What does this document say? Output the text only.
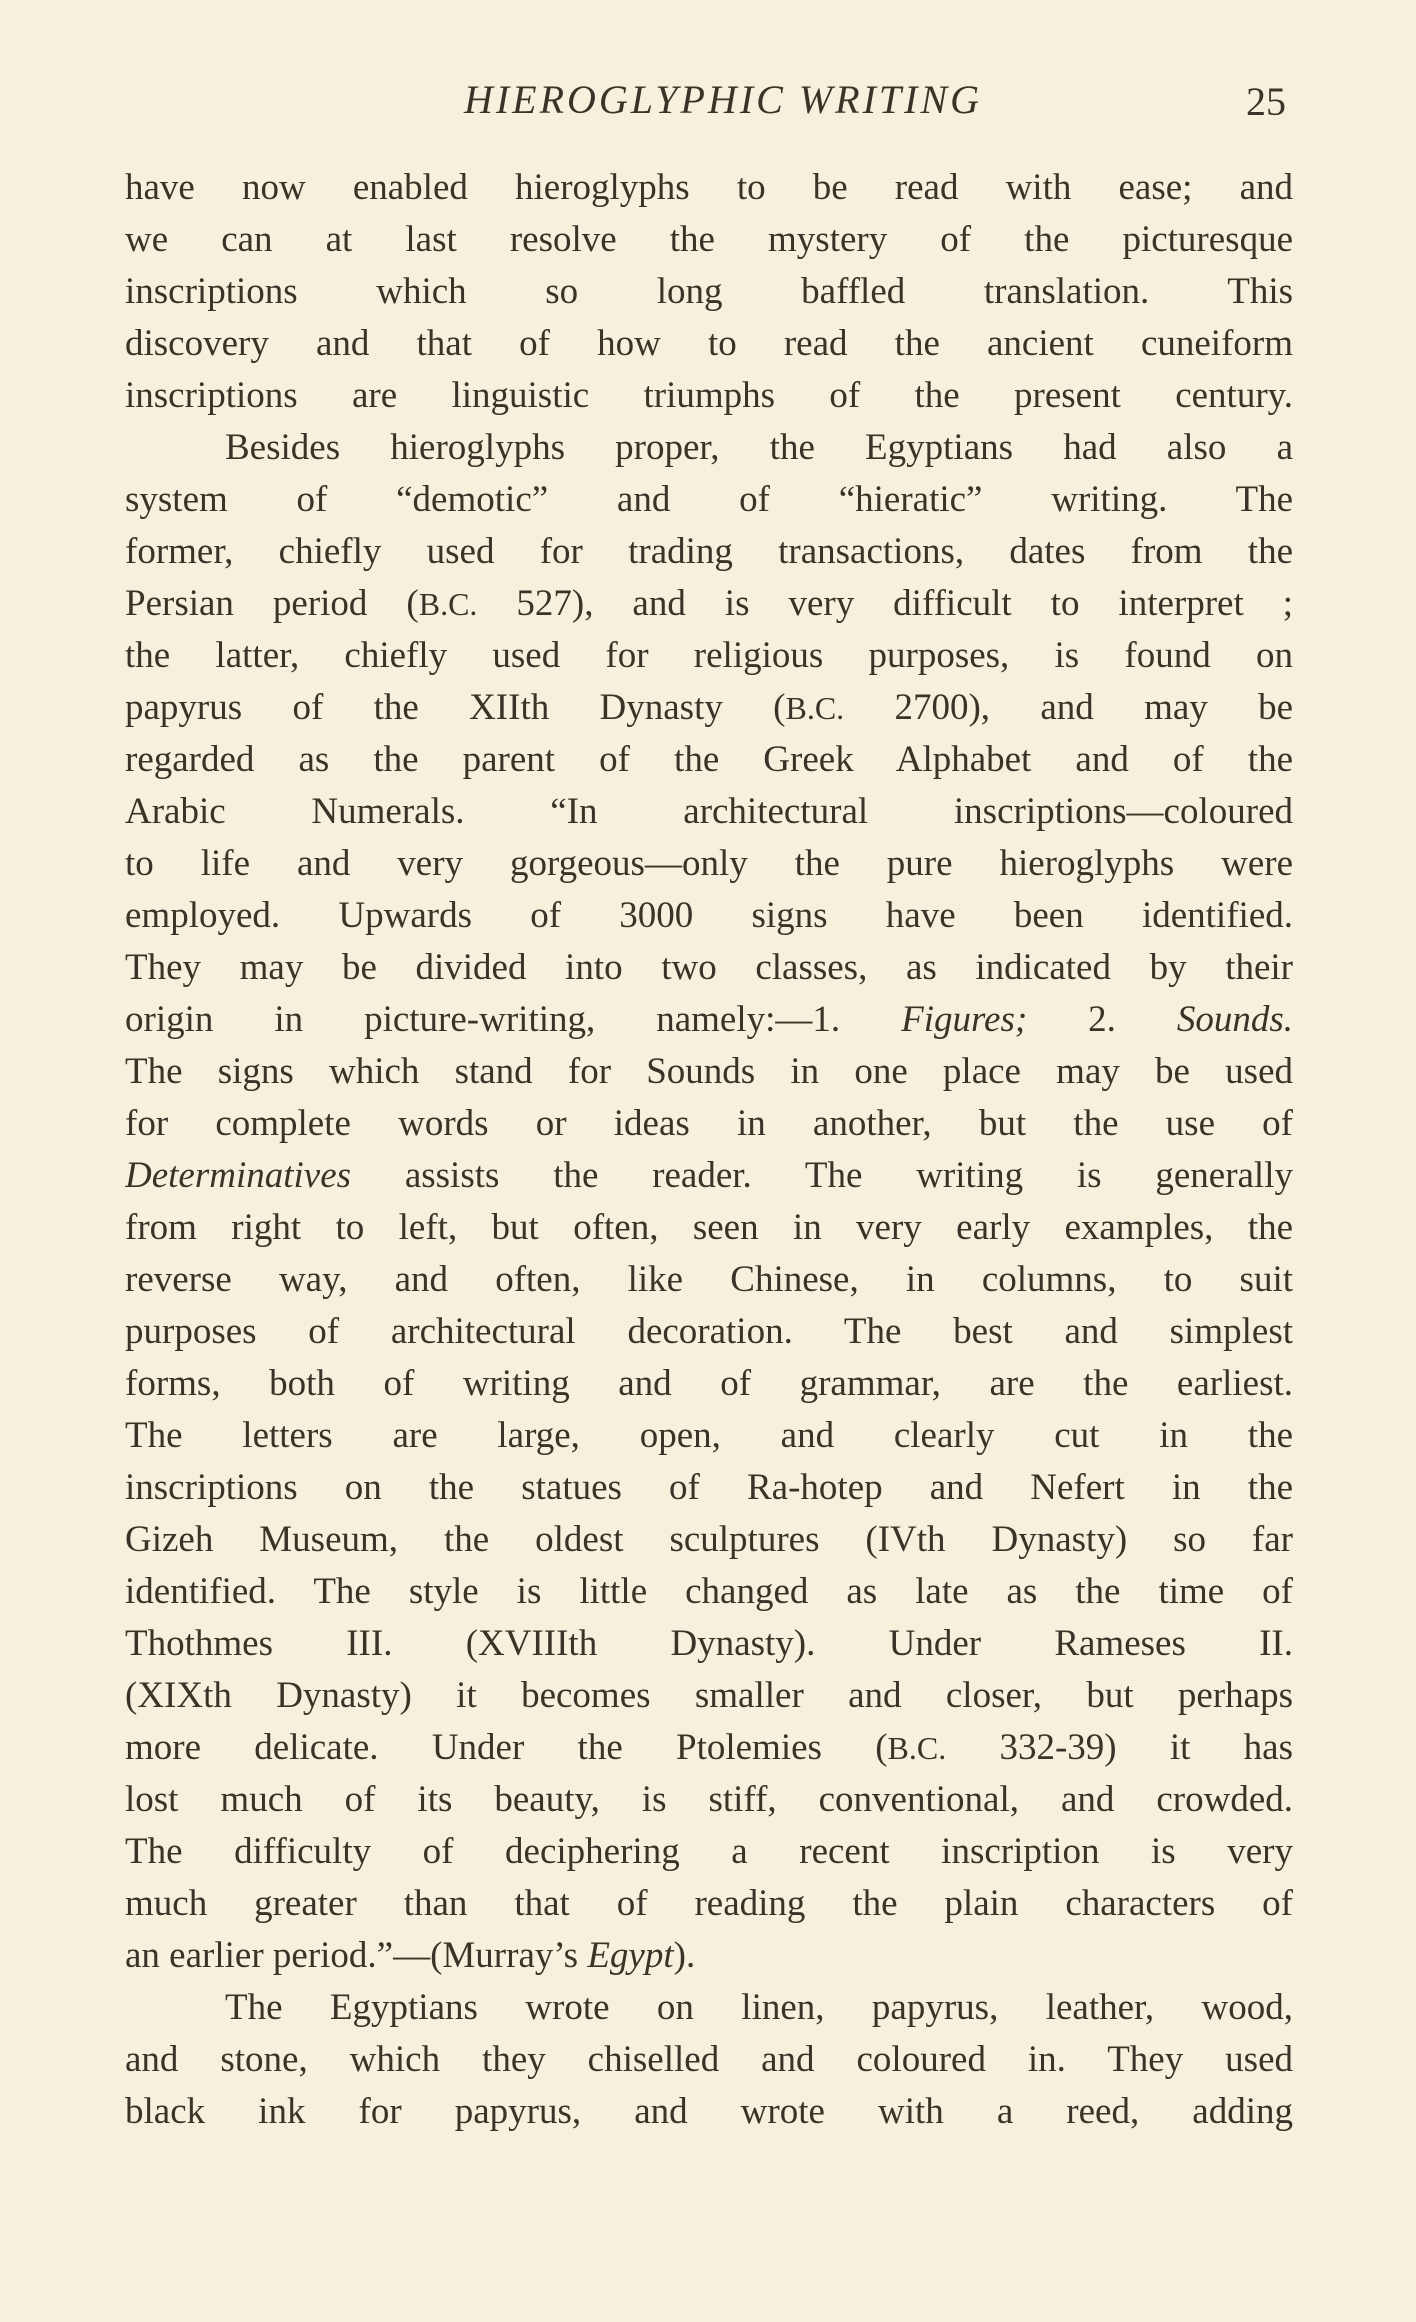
HIEROGLYPHIC WRITING	25
have now enabled hieroglyphs to be read with ease; and
we can at last resolve the mystery of the picturesque
inscriptions which so long baffled translation. This
discovery and that of how to read the ancient cuneiform
inscriptions are linguistic triumphs of the present century.
Besides hieroglyphs proper, the Egyptians had also a
system of “demotic” and of “hieratic” writing. The
former, chiefly used for trading transactions, dates from the
Persian period (B.C. 527), and is very difficult to interpret ;
the latter, chiefly used for religious purposes, is found on
papyrus of the XIIth Dynasty (B.C. 2700), and may be
regarded as the parent of the Greek Alphabet and of the
Arabic Numerals. “In architectural inscriptions—coloured
to life and very gorgeous—only the pure hieroglyphs were
employed. Upwards of 3000 signs have been identified.
They may be divided into two classes, as indicated by their
origin in picture-writing, namely:—1. Figures; 2. Sounds.
The signs which stand for Sounds in one place may be used
for complete words or ideas in another, but the use of
Determinatives assists the reader. The writing is generally
from right to left, but often, seen in very early examples, the
reverse way, and often, like Chinese, in columns, to suit
purposes of architectural decoration. The best and simplest
forms, both of writing and of grammar, are the earliest.
The letters are large, open, and clearly cut in the
inscriptions on the statues of Ra-hotep and Nefert in the
Gizeh Museum, the oldest sculptures (IVth Dynasty) so far
identified. The style is little changed as late as the time of
Thothmes III. (XVIIIth Dynasty). Under Rameses II.
(XIXth Dynasty) it becomes smaller and closer, but perhaps
more delicate. Under the Ptolemies (B.C. 332-39) it has
lost much of its beauty, is stiff, conventional, and crowded.
The difficulty of deciphering a recent inscription is very
much greater than that of reading the plain characters of
an earlier period.”—(Murray’s Egypt).
The Egyptians wrote on linen, papyrus, leather, wood,
and stone, which they chiselled and coloured in. They used
black ink for papyrus, and wrote with a reed, adding
